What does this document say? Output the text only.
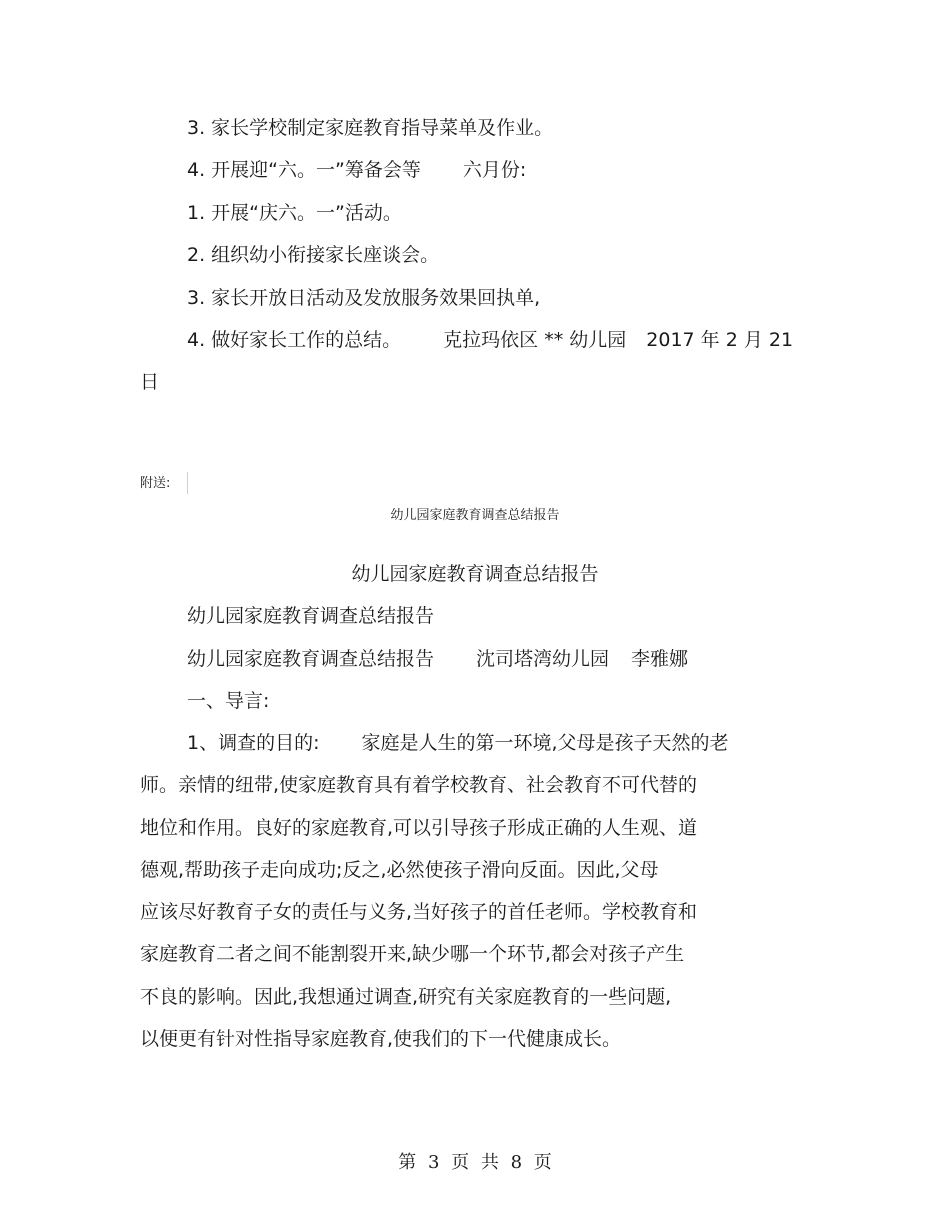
3. 家长学校制定家庭教育指导菜单及作业。
4. 开展迎“六。一”筹备会等 六月份:
1. 开展“庆六。一”活动。
2. 组织幼小衔接家长座谈会。
3. 家长开放日活动及发放服务效果回执单,
4. 做好家长工作的总结。 克拉玛依区 ** 幼儿园 2017 年 2 月 21
日
附送:
幼儿园家庭教育调查总结报告
幼儿园家庭教育调查总结报告
幼儿园家庭教育调查总结报告
幼儿园家庭教育调查总结报告 沈司塔湾幼儿园 李雅娜
一、导言:
1、调查的目的: 家庭是人生的第一环境,父母是孩子天然的老
师。亲情的纽带,使家庭教育具有着学校教育、社会教育不可代替的
地位和作用。良好的家庭教育,可以引导孩子形成正确的人生观、道
德观,帮助孩子走向成功;反之,必然使孩子滑向反面。因此,父母
应该尽好教育子女的责任与义务,当好孩子的首任老师。学校教育和
家庭教育二者之间不能割裂开来,缺少哪一个环节,都会对孩子产生
不良的影响。因此,我想通过调查,研究有关家庭教育的一些问题,
以便更有针对性指导家庭教育,使我们的下一代健康成长。
第 3 页 共 8 页
